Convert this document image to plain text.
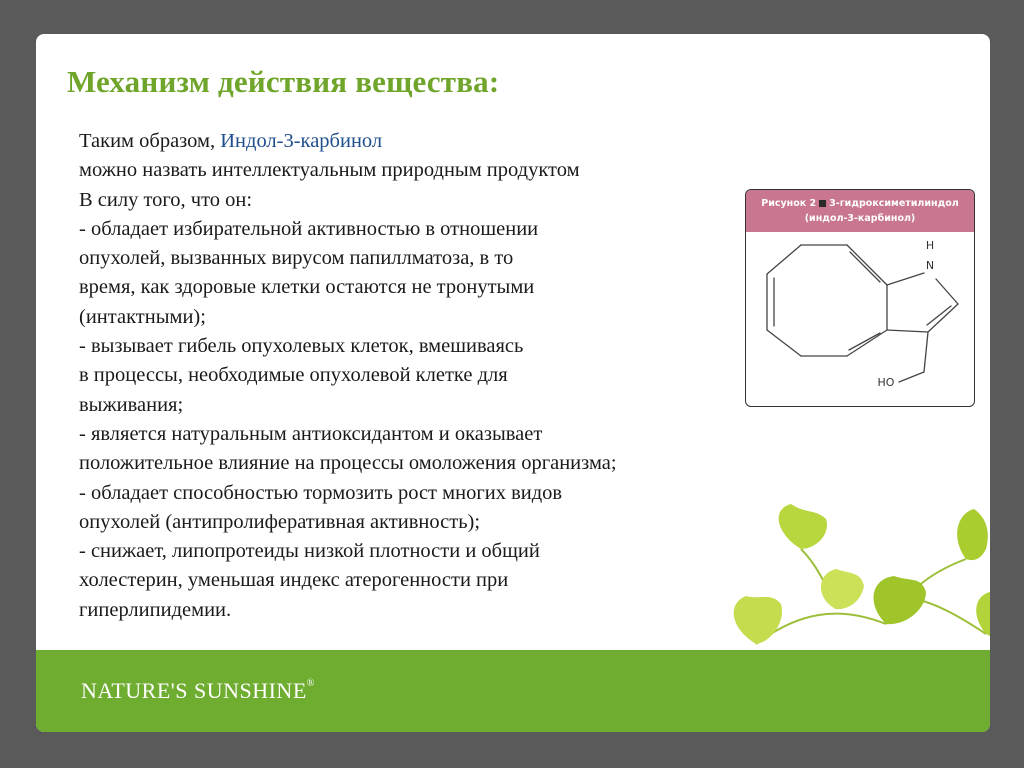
Механизм действия вещества:
Таким образом, Индол-3-карбинол
можно назвать интеллектуальным природным продуктом
В силу того, что он:
- обладает избирательной активностью в отношении
опухолей, вызванных вирусом папиллматоза, в то
время, как здоровые клетки остаются не тронутыми
(интактными);
- вызывает гибель опухолевых клеток, вмешиваясь
в процессы, необходимые опухолевой клетке для
выживания;
- является натуральным антиоксидантом и оказывает
положительное влияние на процессы омоложения организма;
- обладает способностью тормозить рост многих видов
опухолей (антипролиферативная активность);
- снижает, липопротеиды низкой плотности и общий
холестерин, уменьшая индекс атерогенности при
гиперлипидемии.
Рисунок 2 3-гидроксиметилиндол
(индол-3-карбинол)
H
N
HO
NATURE'S SUNSHINE®
